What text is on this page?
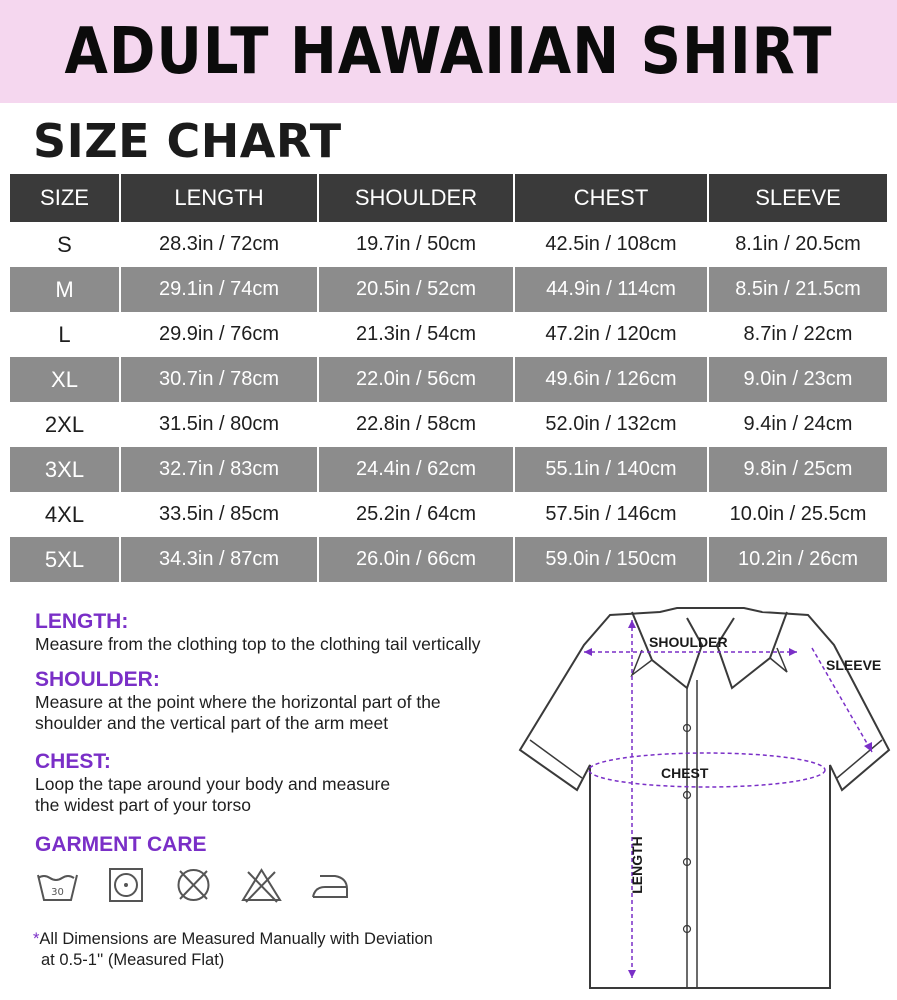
ADULT HAWAIIAN SHIRT
SIZE CHART
SIZE	LENGTH	SHOULDER	CHEST	SLEEVE
S	28.3in / 72cm	19.7in / 50cm	42.5in / 108cm	8.1in / 20.5cm
M	29.1in / 74cm	20.5in / 52cm	44.9in / 114cm	8.5in / 21.5cm
L	29.9in / 76cm	21.3in / 54cm	47.2in / 120cm	8.7in / 22cm
XL	30.7in / 78cm	22.0in / 56cm	49.6in / 126cm	9.0in / 23cm
2XL	31.5in / 80cm	22.8in / 58cm	52.0in / 132cm	9.4in / 24cm
3XL	32.7in / 83cm	24.4in / 62cm	55.1in / 140cm	9.8in / 25cm
4XL	33.5in / 85cm	25.2in / 64cm	57.5in / 146cm	10.0in / 25.5cm
5XL	34.3in / 87cm	26.0in / 66cm	59.0in / 150cm	10.2in / 26cm
LENGTH:
Measure from the clothing top to the clothing tail vertically
SHOULDER:
Measure at the point where the horizontal part of the
shoulder and the vertical part of the arm meet
CHEST:
Loop the tape around your body and measure
the widest part of your torso
GARMENT CARE
30
*All Dimensions are Measured Manually with Deviation
at 0.5-1'' (Measured Flat)
SHOULDER
SLEEVE
CHEST
LENGTH
